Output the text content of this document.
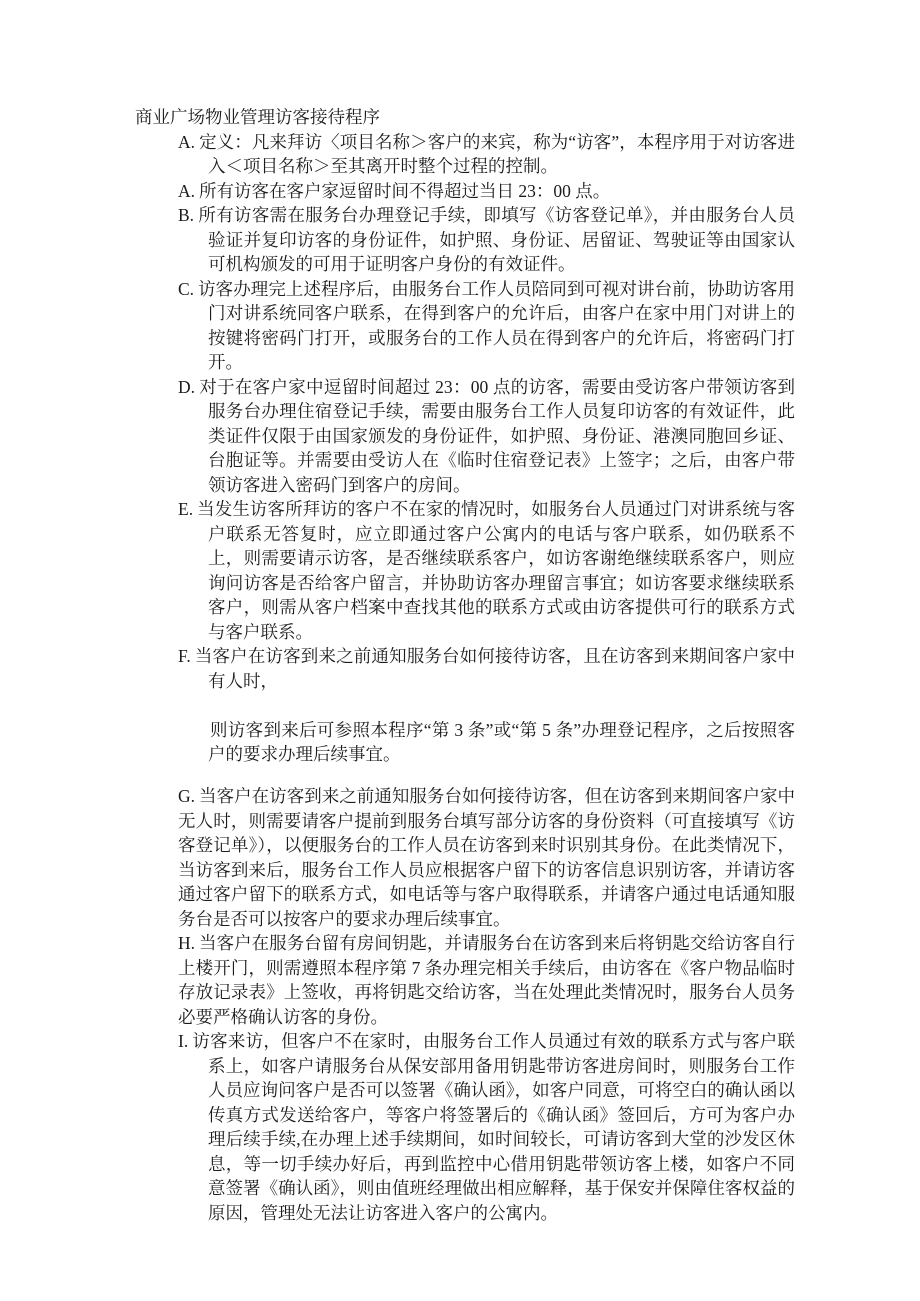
商业广场物业管理访客接待程序

A. 定义：凡来拜访〈项目名称＞客户的来宾，称为“访客”，本程序用于对访客进入＜项目名称＞至其离开时整个过程的控制。

A. 所有访客在客户家逗留时间不得超过当日 23：00 点。

B. 所有访客需在服务台办理登记手续，即填写《访客登记单》，并由服务台人员验证并复印访客的身份证件，如护照、身份证、居留证、驾驶证等由国家认可机构颁发的可用于证明客户身份的有效证件。

C. 访客办理完上述程序后，由服务台工作人员陪同到可视对讲台前，协助访客用门对讲系统同客户联系，在得到客户的允许后，由客户在家中用门对讲上的按键将密码门打开，或服务台的工作人员在得到客户的允许后，将密码门打开。

D. 对于在客户家中逗留时间超过 23：00 点的访客，需要由受访客户带领访客到服务台办理住宿登记手续，需要由服务台工作人员复印访客的有效证件，此类证件仅限于由国家颁发的身份证件，如护照、身份证、港澳同胞回乡证、台胞证等。并需要由受访人在《临时住宿登记表》上签字；之后，由客户带领访客进入密码门到客户的房间。

E. 当发生访客所拜访的客户不在家的情况时，如服务台人员通过门对讲系统与客户联系无答复时，应立即通过客户公寓内的电话与客户联系，如仍联系不上，则需要请示访客，是否继续联系客户，如访客谢绝继续联系客户，则应询问访客是否给客户留言，并协助访客办理留言事宜；如访客要求继续联系客户，则需从客户档案中查找其他的联系方式或由访客提供可行的联系方式与客户联系。

F. 当客户在访客到来之前通知服务台如何接待访客，且在访客到来期间客户家中有人时，

则访客到来后可参照本程序“第 3 条”或“第 5 条”办理登记程序，之后按照客户的要求办理后续事宜。

G. 当客户在访客到来之前通知服务台如何接待访客，但在访客到来期间客户家中无人时，则需要请客户提前到服务台填写部分访客的身份资料（可直接填写《访客登记单》），以便服务台的工作人员在访客到来时识别其身份。在此类情况下，当访客到来后，服务台工作人员应根据客户留下的访客信息识别访客，并请访客通过客户留下的联系方式，如电话等与客户取得联系，并请客户通过电话通知服务台是否可以按客户的要求办理后续事宜。

H. 当客户在服务台留有房间钥匙，并请服务台在访客到来后将钥匙交给访客自行上楼开门，则需遵照本程序第 7 条办理完相关手续后，由访客在《客户物品临时存放记录表》上签收，再将钥匙交给访客，当在处理此类情况时，服务台人员务必要严格确认访客的身份。

I. 访客来访，但客户不在家时，由服务台工作人员通过有效的联系方式与客户联系上，如客户请服务台从保安部用备用钥匙带访客进房间时，则服务台工作人员应询问客户是否可以签署《确认函》，如客户同意，可将空白的确认函以传真方式发送给客户，等客户将签署后的《确认函》签回后，方可为客户办理后续手续,在办理上述手续期间，如时间较长，可请访客到大堂的沙发区休息，等一切手续办好后，再到监控中心借用钥匙带领访客上楼，如客户不同意签署《确认函》，则由值班经理做出相应解释，基于保安并保障住客权益的原因，管理处无法让访客进入客户的公寓内。
